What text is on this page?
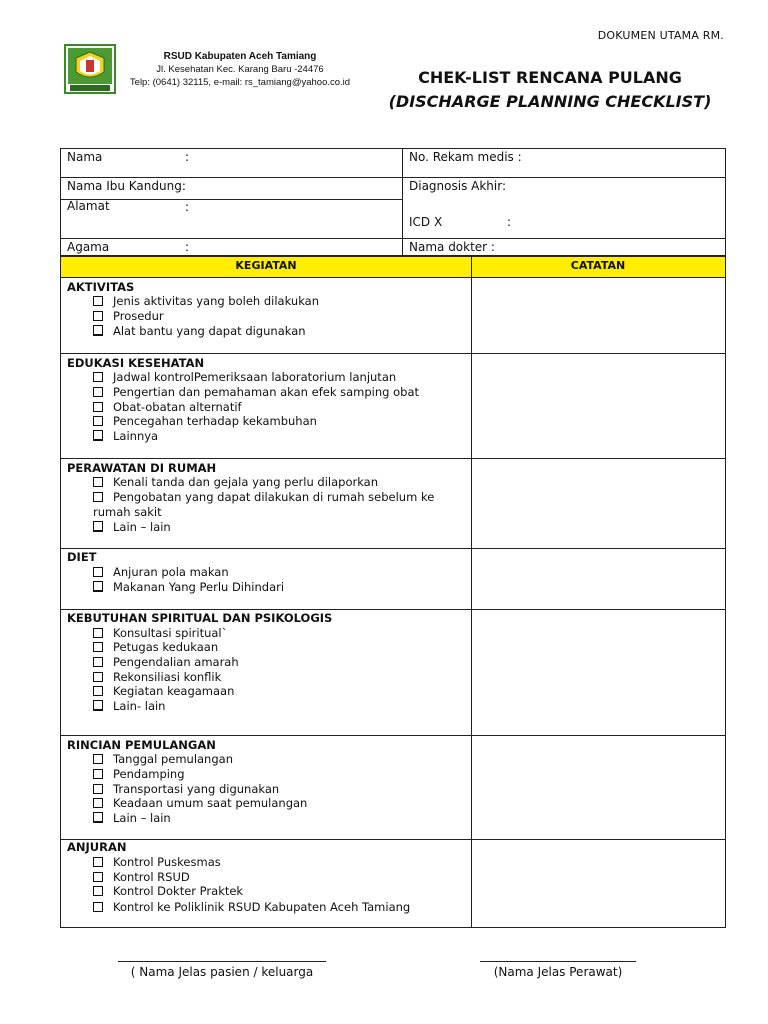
DOKUMEN UTAMA RM.
RSUD Kabupaten Aceh Tamiang
Jl. Kesehatan Kec. Karang Baru -24476
Telp: (0641) 32115, e-mail: rs_tamiang@yahoo.co.id	CHEK-LIST RENCANA PULANG
(DISCHARGE PLANNING CHECKLIST)
Nama	:	No. Rekam medis :
Nama Ibu Kandung:	Diagnosis Akhir:
Alamat	:
ICD X	:
Agama	:	Nama dokter :
KEGIATAN	CATATAN
AKTIVITAS
Jenis aktivitas yang boleh dilakukan
Prosedur
Alat bantu yang dapat digunakan
EDUKASI KESEHATAN
Jadwal kontrolPemeriksaan laboratorium lanjutan
Pengertian dan pemahaman akan efek samping obat
Obat-obatan alternatif
Pencegahan terhadap kekambuhan
Lainnya
PERAWATAN DI RUMAH
Kenali tanda dan gejala yang perlu dilaporkan
Pengobatan yang dapat dilakukan di rumah sebelum ke rumah sakit
Lain – lain
DIET
Anjuran pola makan
Makanan Yang Perlu Dihindari
KEBUTUHAN SPIRITUAL DAN PSIKOLOGIS
Konsultasi spiritual`
Petugas kedukaan
Pengendalian amarah
Rekonsiliasi konflik
Kegiatan keagamaan
Lain- lain
RINCIAN PEMULANGAN
Tanggal pemulangan
Pendamping
Transportasi yang digunakan
Keadaan umum saat pemulangan
Lain – lain
ANJURAN
Kontrol Puskesmas
Kontrol RSUD
Kontrol Dokter Praktek
Kontrol ke Poliklinik RSUD Kabupaten Aceh Tamiang
( Nama Jelas pasien / keluarga	(Nama Jelas Perawat)
